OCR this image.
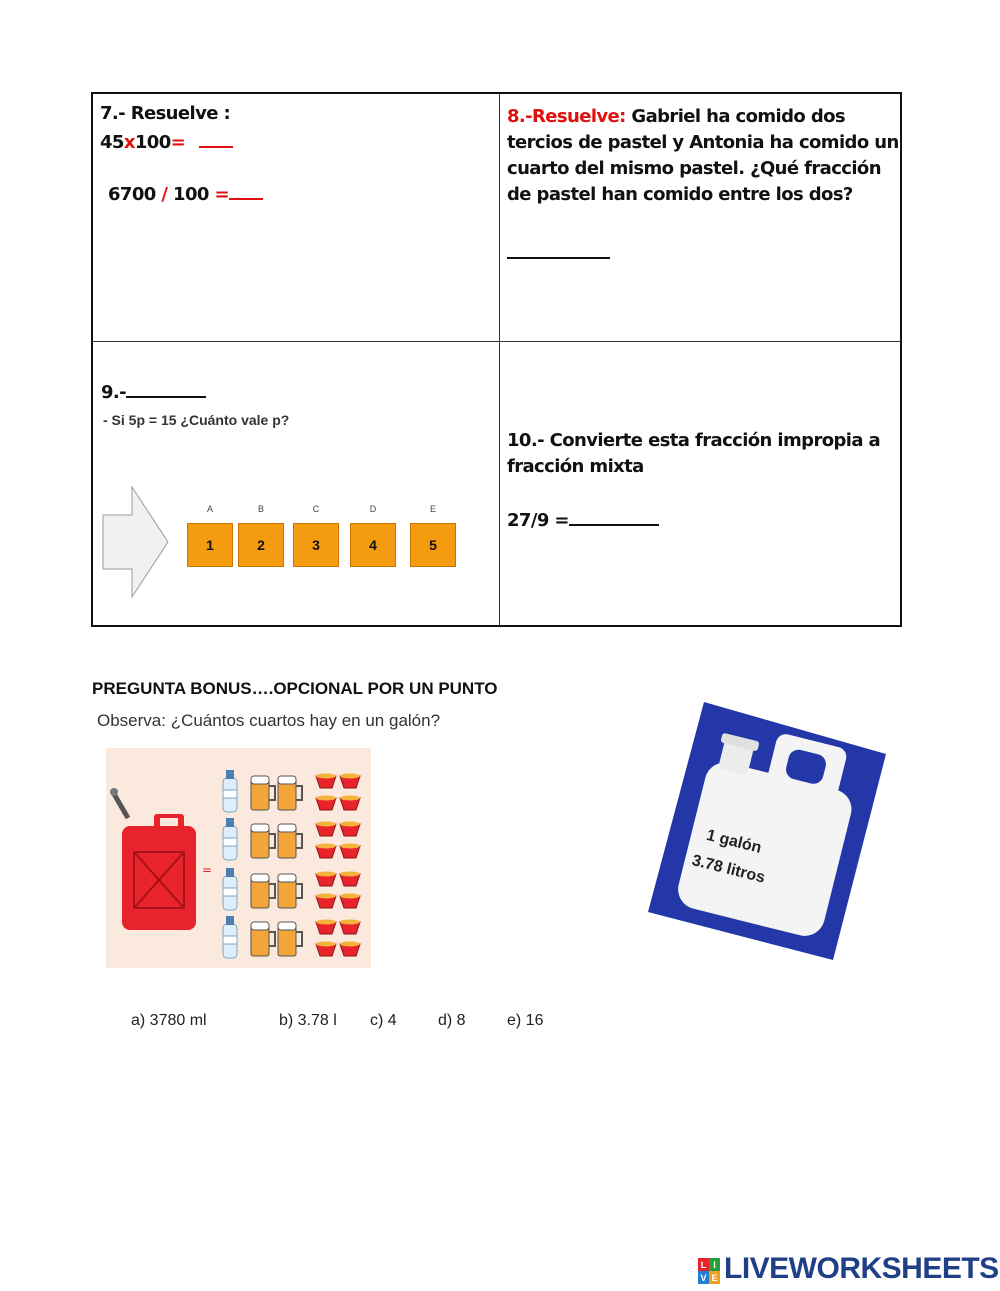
7.- Resuelve :
45x100=
6700 / 100 =
8.-Resuelve: Gabriel ha comido dos tercios de pastel y Antonia ha comido un cuarto del mismo pastel. ¿Qué fracción de pastel han comido entre los dos?
9.-
- Si 5p = 15 ¿Cuánto vale p?
A
1
B
2
C
3
D
4
E
5
10.- Convierte esta fracción impropia a fracción mixta
27/9 =
PREGUNTA BONUS….OPCIONAL POR UN PUNTO
Observa: ¿Cuántos cuartos hay en un galón?
=
a) 3780 ml	b) 3.78 l c) 4	d) 8	e) 16
1 galón
3.78 litros
L I
V E LIVEWORKSHEETS
